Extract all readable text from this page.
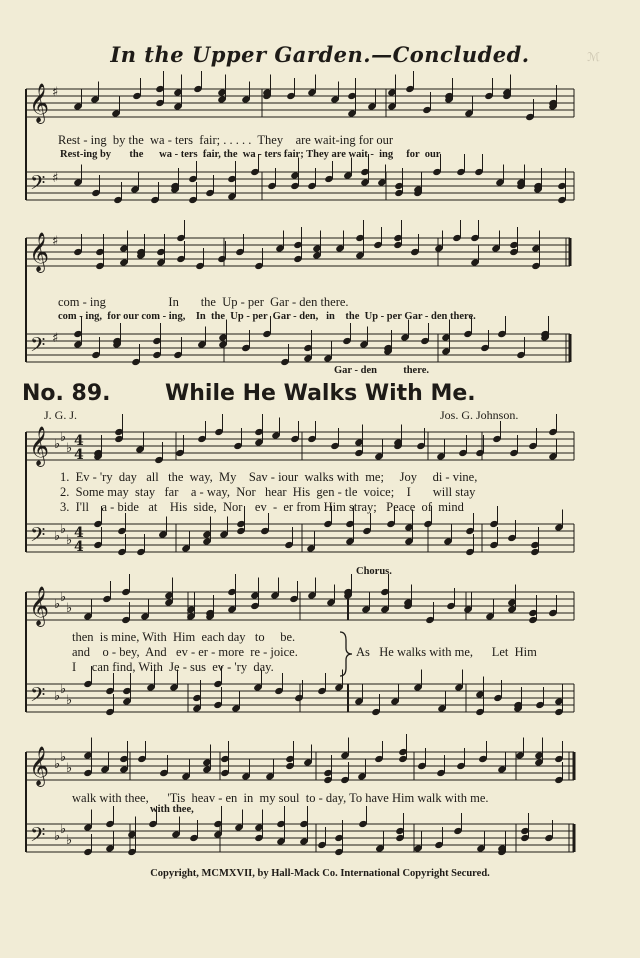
In the Upper Garden.—Concluded.	ℳ
𝄞
𝄞
𝄞
𝄞
𝄞
𝄢
𝄢
𝄢
𝄢
𝄢
♯
♯
♯
♯
♭ ♭
♭
♭ ♭
♭
♭ ♭
♭
♭ ♭
♭
♭ ♭
♭
♭ ♭
♭
4
4
4
4
Rest - ing  by the  wa - ters  fair; . . . . .  They    are wait-ing for our
Rest-ing by       the      wa - ters  fair, the  wa - ters fair; They are wait -  ing     for  our
com - ing                    In       the  Up - per  Gar - den there.
com - ing,  for our com - ing,    In  the  Up - per  Gar - den,   in    the  Up - per Gar - den there.
Gar - den          there.
No. 89. While He Walks With Me.
J. G. J.	Jos. G. Johnson.
1.  Ev - 'ry  day   all   the  way,  My    Sav - iour  walks with  me;     Joy     di - vine,
2.  Some may  stay   far    a - way,  Nor   hear  His  gen - tle  voice;    I       will stay
3.  I'll    a - bide   at    His  side,  Nor    ev  -  er from Him stray;   Peace  of  mind
Chorus.
then  is mine, With  Him  each day   to     be.
and    o - bey,  And   ev - er - more  re - joice.
I     can find, With  Je - sus  ev - 'ry  day.
As   He walks with me,      Let  Him
walk with thee,      'Tis  heav - en  in  my soul  to - day, To have Him walk with me.
with thee,
Copyright, MCMXVII, by Hall-Mack Co. International Copyright Secured.
